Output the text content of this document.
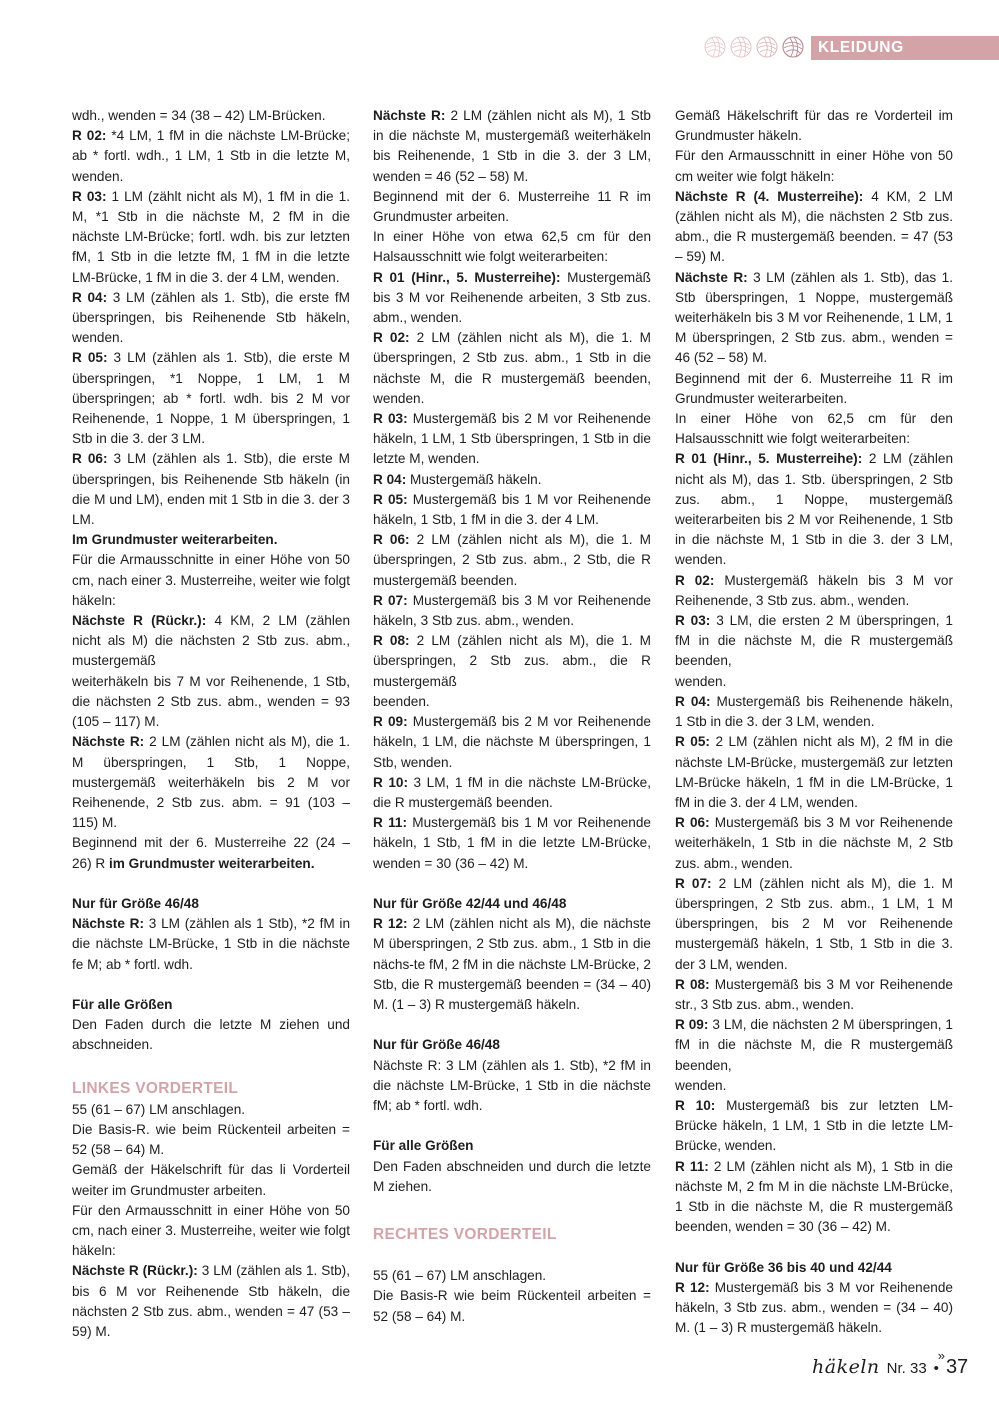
KLEIDUNG

wdh., wenden = 34 (38 – 42) LM-Brücken.

R 02: *4 LM, 1 fM in die nächste LM-Brücke; ab * fortl. wdh., 1 LM, 1 Stb in die letzte M, wenden.

R 03: 1 LM (zählt nicht als M), 1 fM in die 1. M, *1 Stb in die nächste M, 2 fM in die nächste LM-Brücke; fortl. wdh. bis zur letzten fM, 1 Stb in die letzte fM, 1 fM in die letzte LM-Brücke, 1 fM in die 3. der 4 LM, wenden.

R 04: 3 LM (zählen als 1. Stb), die erste fM überspringen, bis Reihenende Stb häkeln, wenden.

R 05: 3 LM (zählen als 1. Stb), die erste M überspringen, *1 Noppe, 1 LM, 1 M überspringen; ab * fortl. wdh. bis 2 M vor Reihenende, 1 Noppe, 1 M überspringen, 1 Stb in die 3. der 3 LM.

R 06: 3 LM (zählen als 1. Stb), die erste M überspringen, bis Reihenende Stb häkeln (in die M und LM), enden mit 1 Stb in die 3. der 3 LM.

Im Grundmuster weiterarbeiten.

Für die Armausschnitte in einer Höhe von 50 cm, nach einer 3. Musterreihe, weiter wie folgt häkeln:

Nächste R (Rückr.): 4 KM, 2 LM (zählen nicht als M) die nächsten 2 Stb zus. abm., mustergemäß

weiterhäkeln bis 7 M vor Reihenende, 1 Stb, die nächsten 2 Stb zus. abm., wenden = 93 (105 – 117) M.

Nächste R: 2 LM (zählen nicht als M), die 1. M überspringen, 1 Stb, 1 Noppe, mustergemäß weiterhäkeln bis 2 M vor Reihenende, 2 Stb zus. abm. = 91 (103 – 115) M.

Beginnend mit der 6. Musterreihe 22 (24 – 26) R im Grundmuster weiterarbeiten.

Nur für Größe 46/48

Nächste R: 3 LM (zählen als 1 Stb), *2 fM in die nächste LM-Brücke, 1 Stb in die nächste fe M; ab * fortl. wdh.

Für alle Größen

Den Faden durch die letzte M ziehen und abschneiden.

LINKES VORDERTEIL

55 (61 – 67) LM anschlagen.

Die Basis-R. wie beim Rückenteil arbeiten = 52 (58 – 64) M.

Gemäß der Häkelschrift für das li Vorderteil weiter im Grundmuster arbeiten.

Für den Armausschnitt in einer Höhe von 50 cm, nach einer 3. Musterreihe, weiter wie folgt häkeln:

Nächste R (Rückr.): 3 LM (zählen als 1. Stb), bis 6 M vor Reihenende Stb häkeln, die nächsten 2 Stb zus. abm., wenden = 47 (53 – 59) M.

Nächste R: 2 LM (zählen nicht als M), 1 Stb in die nächste M, mustergemäß weiterhäkeln bis Reihenende, 1 Stb in die 3. der 3 LM, wenden = 46 (52 – 58) M.

Beginnend mit der 6. Musterreihe 11 R im Grundmuster arbeiten.

In einer Höhe von etwa 62,5 cm für den Halsausschnitt wie folgt weiterarbeiten:

R 01 (Hinr., 5. Musterreihe): Mustergemäß bis 3 M vor Reihenende arbeiten, 3 Stb zus. abm., wenden.

R 02: 2 LM (zählen nicht als M), die 1. M überspringen, 2 Stb zus. abm., 1 Stb in die nächste M, die R mustergemäß beenden, wenden.

R 03: Mustergemäß bis 2 M vor Reihenende häkeln, 1 LM, 1 Stb überspringen, 1 Stb in die letzte M, wenden.

R 04: Mustergemäß häkeln.

R 05: Mustergemäß bis 1 M vor Reihenende häkeln, 1 Stb, 1 fM in die 3. der 4 LM.

R 06: 2 LM (zählen nicht als M), die 1. M überspringen, 2 Stb zus. abm., 2 Stb, die R mustergemäß beenden.

R 07: Mustergemäß bis 3 M vor Reihenende häkeln, 3 Stb zus. abm., wenden.

R 08: 2 LM (zählen nicht als M), die 1. M überspringen, 2 Stb zus. abm., die R mustergemäß

beenden.

R 09: Mustergemäß bis 2 M vor Reihenende häkeln, 1 LM, die nächste M überspringen, 1 Stb, wenden.

R 10: 3 LM, 1 fM in die nächste LM-Brücke, die R mustergemäß beenden.

R 11: Mustergemäß bis 1 M vor Reihenende häkeln, 1 Stb, 1 fM in die letzte LM-Brücke, wenden = 30 (36 – 42) M.

Nur für Größe 42/44 und 46/48

R 12: 2 LM (zählen nicht als M), die nächste M überspringen, 2 Stb zus. abm., 1 Stb in die nächs-te fM, 2 fM in die nächste LM-Brücke, 2 Stb, die R mustergemäß beenden = (34 – 40) M. (1 – 3) R mustergemäß häkeln.

Nur für Größe 46/48

Nächste R: 3 LM (zählen als 1. Stb), *2 fM in die nächste LM-Brücke, 1 Stb in die nächste fM; ab * fortl. wdh.

Für alle Größen

Den Faden abschneiden und durch die letzte M ziehen.

RECHTES VORDERTEIL

55 (61 – 67) LM anschlagen.

Die Basis-R wie beim Rückenteil arbeiten = 52 (58 – 64) M.

Gemäß Häkelschrift für das re Vorderteil im Grundmuster häkeln.

Für den Armausschnitt in einer Höhe von 50 cm weiter wie folgt häkeln:

Nächste R (4. Musterreihe): 4 KM, 2 LM (zählen nicht als M), die nächsten 2 Stb zus. abm., die R mustergemäß beenden. = 47 (53 – 59) M.

Nächste R: 3 LM (zählen als 1. Stb), das 1. Stb überspringen, 1 Noppe, mustergemäß weiterhäkeln bis 3 M vor Reihenende, 1 LM, 1 M überspringen, 2 Stb zus. abm., wenden = 46 (52 – 58) M.

Beginnend mit der 6. Musterreihe 11 R im Grundmuster weiterarbeiten.

In einer Höhe von 62,5 cm für den Halsausschnitt wie folgt weiterarbeiten:

R 01 (Hinr., 5. Musterreihe): 2 LM (zählen nicht als M), das 1. Stb. überspringen, 2 Stb zus. abm., 1 Noppe, mustergemäß weiterarbeiten bis 2 M vor Reihenende, 1 Stb in die nächste M, 1 Stb in die 3. der 3 LM, wenden.

R 02: Mustergemäß häkeln bis 3 M vor Reihenende, 3 Stb zus. abm., wenden.

R 03: 3 LM, die ersten 2 M überspringen, 1 fM in die nächste M, die R mustergemäß beenden,

wenden.

R 04: Mustergemäß bis Reihenende häkeln, 1 Stb in die 3. der 3 LM, wenden.

R 05: 2 LM (zählen nicht als M), 2 fM in die nächste LM-Brücke, mustergemäß zur letzten LM-Brücke häkeln, 1 fM in die LM-Brücke, 1 fM in die 3. der 4 LM, wenden.

R 06: Mustergemäß bis 3 M vor Reihenende weiterhäkeln, 1 Stb in die nächste M, 2 Stb zus. abm., wenden.

R 07: 2 LM (zählen nicht als M), die 1. M überspringen, 2 Stb zus. abm., 1 LM, 1 M überspringen, bis 2 M vor Reihenende mustergemäß häkeln, 1 Stb, 1 Stb in die 3. der 3 LM, wenden.

R 08: Mustergemäß bis 3 M vor Reihenende str., 3 Stb zus. abm., wenden.

R 09: 3 LM, die nächsten 2 M überspringen, 1 fM in die nächste M, die R mustergemäß beenden,

wenden.

R 10: Mustergemäß bis zur letzten LM-Brücke häkeln, 1 LM, 1 Stb in die letzte LM-Brücke, wenden.

R 11: 2 LM (zählen nicht als M), 1 Stb in die nächste M, 2 fm M in die nächste LM-Brücke, 1 Stb in die nächste M, die R mustergemäß beenden, wenden = 30 (36 – 42) M.

Nur für Größe 36 bis 40 und 42/44

R 12: Mustergemäß bis 3 M vor Reihenende häkeln, 3 Stb zus. abm., wenden = (34 – 40) M. (1 – 3) R mustergemäß häkeln.

»
häkeln Nr. 33 • 37
